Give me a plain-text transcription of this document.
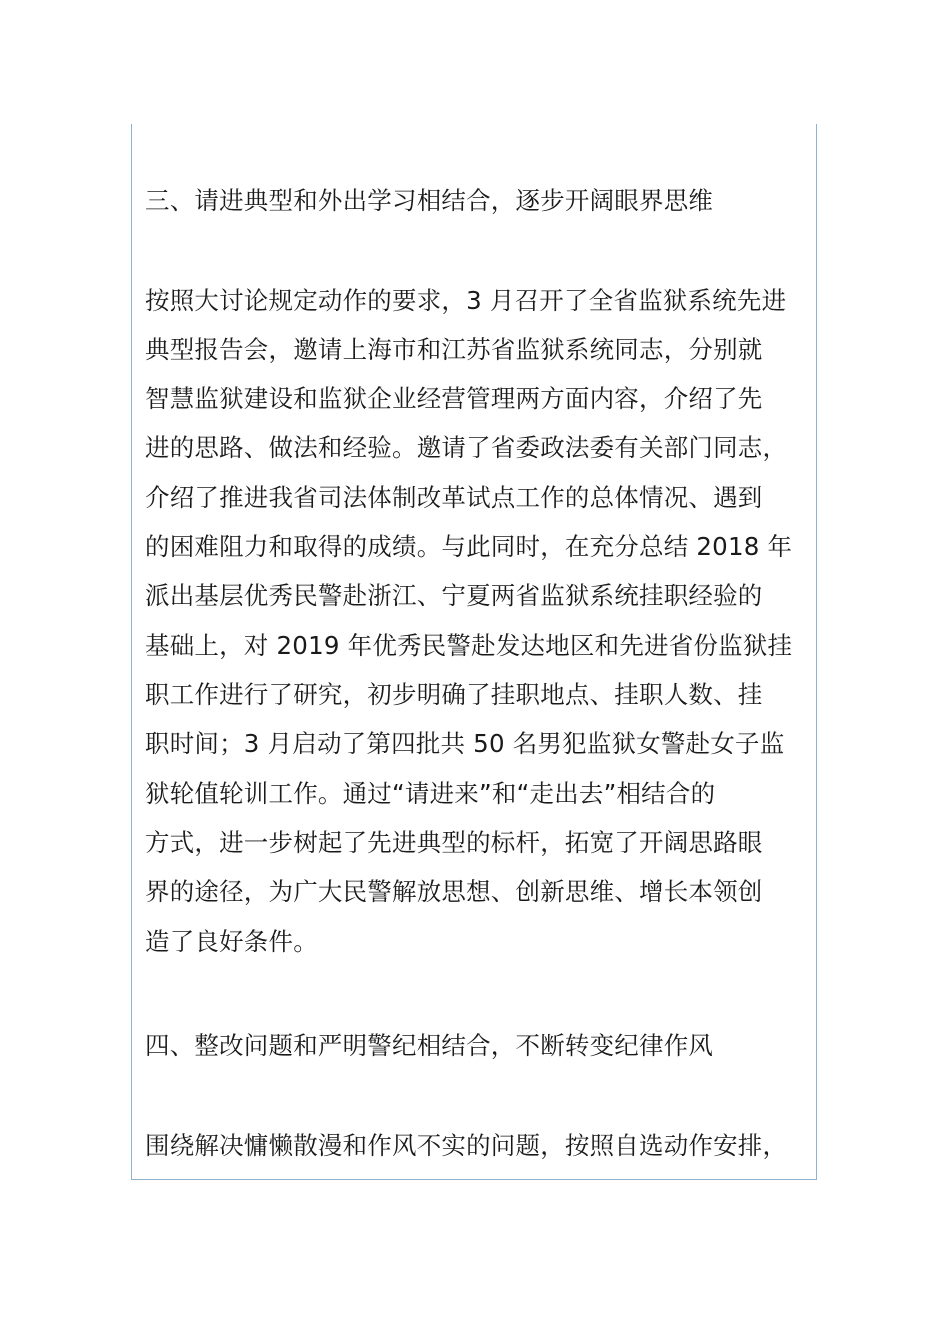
三、请进典型和外出学习相结合，逐步开阔眼界思维
按照大讨论规定动作的要求，3 月召开了全省监狱系统先进
典型报告会，邀请上海市和江苏省监狱系统同志，分别就
智慧监狱建设和监狱企业经营管理两方面内容，介绍了先
进的思路、做法和经验。邀请了省委政法委有关部门同志，
介绍了推进我省司法体制改革试点工作的总体情况、遇到
的困难阻力和取得的成绩。与此同时，在充分总结 2018 年
派出基层优秀民警赴浙江、宁夏两省监狱系统挂职经验的
基础上，对 2019 年优秀民警赴发达地区和先进省份监狱挂
职工作进行了研究，初步明确了挂职地点、挂职人数、挂
职时间；3 月启动了第四批共 50 名男犯监狱女警赴女子监
狱轮值轮训工作。通过“请进来”和“走出去”相结合的
方式，进一步树起了先进典型的标杆，拓宽了开阔思路眼
界的途径，为广大民警解放思想、创新思维、增长本领创
造了良好条件。
四、整改问题和严明警纪相结合，不断转变纪律作风
围绕解决慵懒散漫和作风不实的问题，按照自选动作安排，
